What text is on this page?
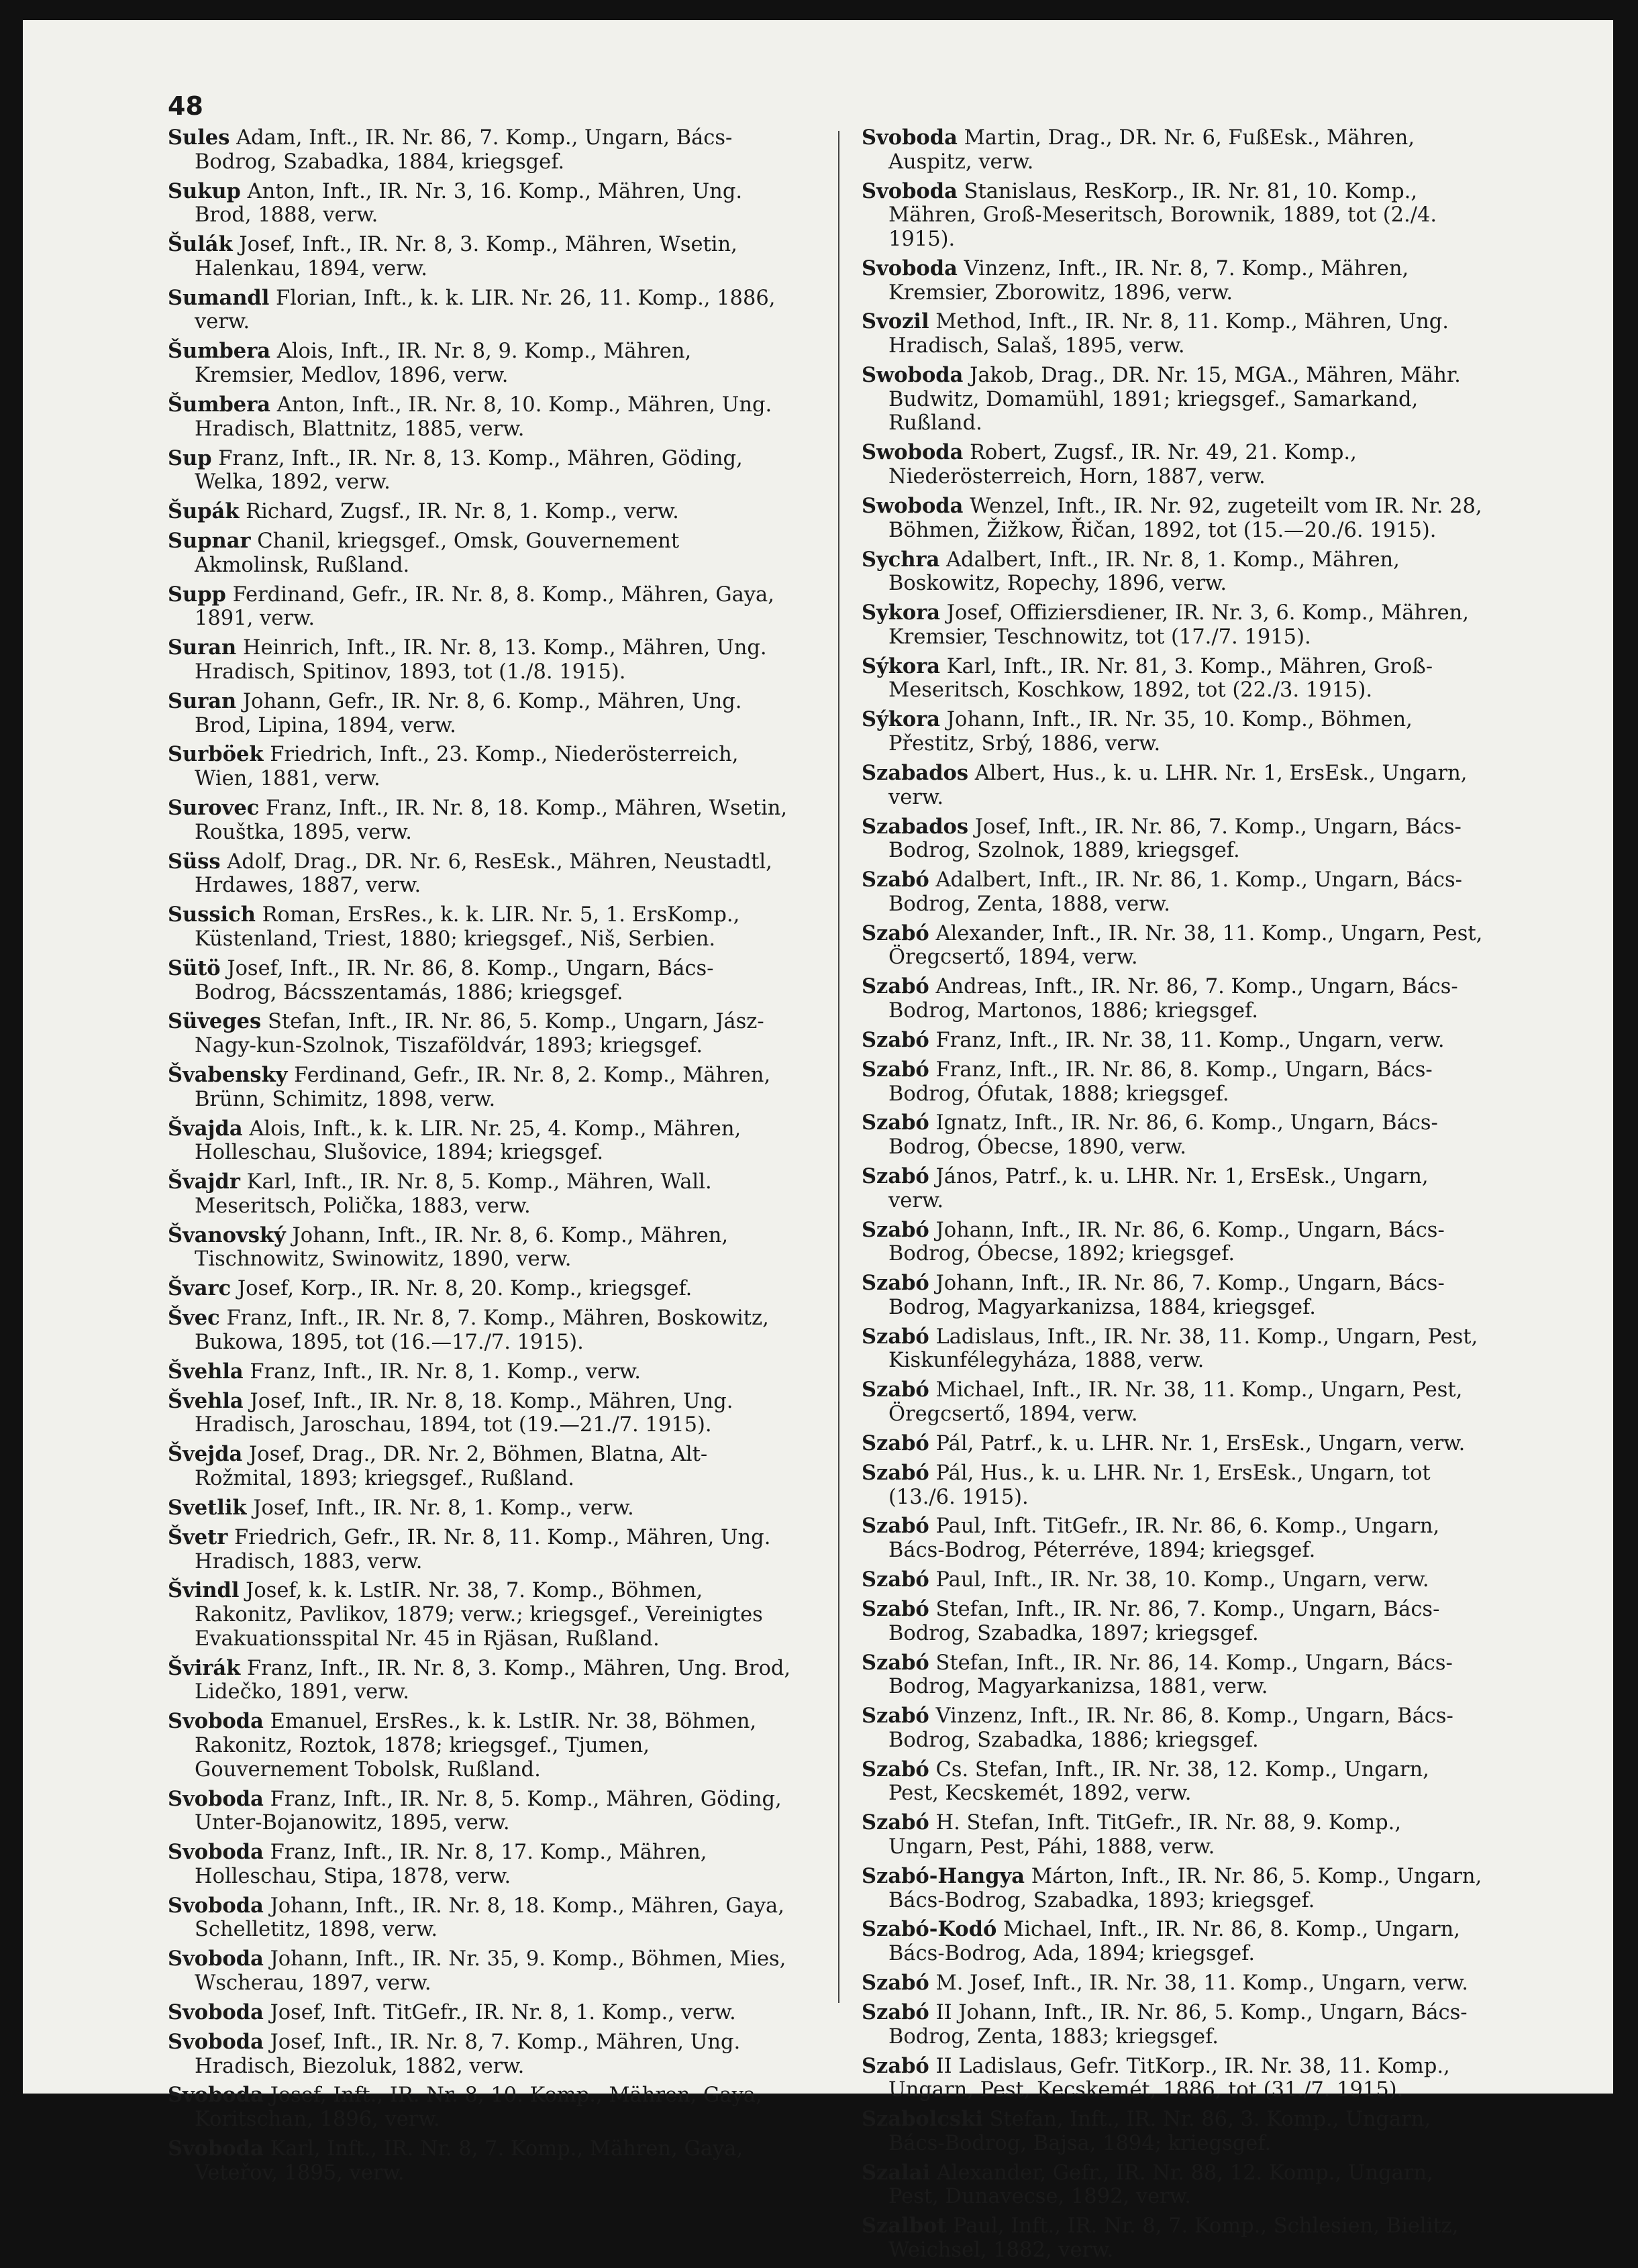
48
Sules Adam, Inft., IR. Nr. 86, 7. Komp., Ungarn, Bács-Bodrog, Szabadka, 1884, kriegsgef.
Sukup Anton, Inft., IR. Nr. 3, 16. Komp., Mähren, Ung. Brod, 1888, verw.
Šulák Josef, Inft., IR. Nr. 8, 3. Komp., Mähren, Wsetin, Halenkau, 1894, verw.
Sumandl Florian, Inft., k. k. LIR. Nr. 26, 11. Komp., 1886, verw.
Šumbera Alois, Inft., IR. Nr. 8, 9. Komp., Mähren, Kremsier, Medlov, 1896, verw.
Šumbera Anton, Inft., IR. Nr. 8, 10. Komp., Mähren, Ung. Hradisch, Blattnitz, 1885, verw.
Sup Franz, Inft., IR. Nr. 8, 13. Komp., Mähren, Göding, Welka, 1892, verw.
Šupák Richard, Zugsf., IR. Nr. 8, 1. Komp., verw.
Supnar Chanil, kriegsgef., Omsk, Gouvernement Akmolinsk, Rußland.
Supp Ferdinand, Gefr., IR. Nr. 8, 8. Komp., Mähren, Gaya, 1891, verw.
Suran Heinrich, Inft., IR. Nr. 8, 13. Komp., Mähren, Ung. Hradisch, Spitinov, 1893, tot (1./8. 1915).
Suran Johann, Gefr., IR. Nr. 8, 6. Komp., Mähren, Ung. Brod, Lipina, 1894, verw.
Surböek Friedrich, Inft., 23. Komp., Niederösterreich, Wien, 1881, verw.
Surovec Franz, Inft., IR. Nr. 8, 18. Komp., Mähren, Wsetin, Rouštka, 1895, verw.
Süss Adolf, Drag., DR. Nr. 6, ResEsk., Mähren, Neustadtl, Hrdawes, 1887, verw.
Sussich Roman, ErsRes., k. k. LIR. Nr. 5, 1. ErsKomp., Küstenland, Triest, 1880; kriegsgef., Niš, Serbien.
Sütö Josef, Inft., IR. Nr. 86, 8. Komp., Ungarn, Bács-Bodrog, Bácsszentamás, 1886; kriegsgef.
Süveges Stefan, Inft., IR. Nr. 86, 5. Komp., Ungarn, Jász-Nagy-kun-Szolnok, Tiszaföldvár, 1893; kriegsgef.
Švabensky Ferdinand, Gefr., IR. Nr. 8, 2. Komp., Mähren, Brünn, Schimitz, 1898, verw.
Švajda Alois, Inft., k. k. LIR. Nr. 25, 4. Komp., Mähren, Holleschau, Slušovice, 1894; kriegsgef.
Švajdr Karl, Inft., IR. Nr. 8, 5. Komp., Mähren, Wall. Meseritsch, Polička, 1883, verw.
Švanovský Johann, Inft., IR. Nr. 8, 6. Komp., Mähren, Tischnowitz, Swinowitz, 1890, verw.
Švarc Josef, Korp., IR. Nr. 8, 20. Komp., kriegsgef.
Švec Franz, Inft., IR. Nr. 8, 7. Komp., Mähren, Boskowitz, Bukowa, 1895, tot (16.—17./7. 1915).
Švehla Franz, Inft., IR. Nr. 8, 1. Komp., verw.
Švehla Josef, Inft., IR. Nr. 8, 18. Komp., Mähren, Ung. Hradisch, Jaroschau, 1894, tot (19.—21./7. 1915).
Švejda Josef, Drag., DR. Nr. 2, Böhmen, Blatna, Alt-Rožmital, 1893; kriegsgef., Rußland.
Svetlik Josef, Inft., IR. Nr. 8, 1. Komp., verw.
Švetr Friedrich, Gefr., IR. Nr. 8, 11. Komp., Mähren, Ung. Hradisch, 1883, verw.
Švindl Josef, k. k. LstIR. Nr. 38, 7. Komp., Böhmen, Rakonitz, Pavlikov, 1879; verw.; kriegsgef., Vereinigtes Evakuationsspital Nr. 45 in Rjäsan, Rußland.
Švirák Franz, Inft., IR. Nr. 8, 3. Komp., Mähren, Ung. Brod, Lidečko, 1891, verw.
Svoboda Emanuel, ErsRes., k. k. LstIR. Nr. 38, Böhmen, Rakonitz, Roztok, 1878; kriegsgef., Tjumen, Gouvernement Tobolsk, Rußland.
Svoboda Franz, Inft., IR. Nr. 8, 5. Komp., Mähren, Göding, Unter-Bojanowitz, 1895, verw.
Svoboda Franz, Inft., IR. Nr. 8, 17. Komp., Mähren, Holleschau, Stipa, 1878, verw.
Svoboda Johann, Inft., IR. Nr. 8, 18. Komp., Mähren, Gaya, Schelletitz, 1898, verw.
Svoboda Johann, Inft., IR. Nr. 35, 9. Komp., Böhmen, Mies, Wscherau, 1897, verw.
Svoboda Josef, Inft. TitGefr., IR. Nr. 8, 1. Komp., verw.
Svoboda Josef, Inft., IR. Nr. 8, 7. Komp., Mähren, Ung. Hradisch, Biezoluk, 1882, verw.
Svoboda Josef, Inft., IR. Nr. 8, 10. Komp., Mähren, Gaya, Koritschan, 1896, verw.
Svoboda Karl, Inft., IR. Nr. 8, 7. Komp., Mähren, Gaya, Veteřov, 1895, verw.
Svoboda Martin, Drag., DR. Nr. 6, FußEsk., Mähren, Auspitz, verw.
Svoboda Stanislaus, ResKorp., IR. Nr. 81, 10. Komp., Mähren, Groß-Meseritsch, Borownik, 1889, tot (2./4. 1915).
Svoboda Vinzenz, Inft., IR. Nr. 8, 7. Komp., Mähren, Kremsier, Zborowitz, 1896, verw.
Svozil Method, Inft., IR. Nr. 8, 11. Komp., Mähren, Ung. Hradisch, Salaš, 1895, verw.
Swoboda Jakob, Drag., DR. Nr. 15, MGA., Mähren, Mähr. Budwitz, Domamühl, 1891; kriegsgef., Samarkand, Rußland.
Swoboda Robert, Zugsf., IR. Nr. 49, 21. Komp., Niederösterreich, Horn, 1887, verw.
Swoboda Wenzel, Inft., IR. Nr. 92, zugeteilt vom IR. Nr. 28, Böhmen, Žižkow, Řičan, 1892, tot (15.—20./6. 1915).
Sychra Adalbert, Inft., IR. Nr. 8, 1. Komp., Mähren, Boskowitz, Ropechy, 1896, verw.
Sykora Josef, Offiziersdiener, IR. Nr. 3, 6. Komp., Mähren, Kremsier, Teschnowitz, tot (17./7. 1915).
Sýkora Karl, Inft., IR. Nr. 81, 3. Komp., Mähren, Groß-Meseritsch, Koschkow, 1892, tot (22./3. 1915).
Sýkora Johann, Inft., IR. Nr. 35, 10. Komp., Böhmen, Přestitz, Srbý, 1886, verw.
Szabados Albert, Hus., k. u. LHR. Nr. 1, ErsEsk., Ungarn, verw.
Szabados Josef, Inft., IR. Nr. 86, 7. Komp., Ungarn, Bács-Bodrog, Szolnok, 1889, kriegsgef.
Szabó Adalbert, Inft., IR. Nr. 86, 1. Komp., Ungarn, Bács-Bodrog, Zenta, 1888, verw.
Szabó Alexander, Inft., IR. Nr. 38, 11. Komp., Ungarn, Pest, Öregcsertő, 1894, verw.
Szabó Andreas, Inft., IR. Nr. 86, 7. Komp., Ungarn, Bács-Bodrog, Martonos, 1886; kriegsgef.
Szabó Franz, Inft., IR. Nr. 38, 11. Komp., Ungarn, verw.
Szabó Franz, Inft., IR. Nr. 86, 8. Komp., Ungarn, Bács-Bodrog, Ófutak, 1888; kriegsgef.
Szabó Ignatz, Inft., IR. Nr. 86, 6. Komp., Ungarn, Bács-Bodrog, Óbecse, 1890, verw.
Szabó János, Patrf., k. u. LHR. Nr. 1, ErsEsk., Ungarn, verw.
Szabó Johann, Inft., IR. Nr. 86, 6. Komp., Ungarn, Bács-Bodrog, Óbecse, 1892; kriegsgef.
Szabó Johann, Inft., IR. Nr. 86, 7. Komp., Ungarn, Bács-Bodrog, Magyarkanizsa, 1884, kriegsgef.
Szabó Ladislaus, Inft., IR. Nr. 38, 11. Komp., Ungarn, Pest, Kiskunfélegyháza, 1888, verw.
Szabó Michael, Inft., IR. Nr. 38, 11. Komp., Ungarn, Pest, Öregcsertő, 1894, verw.
Szabó Pál, Patrf., k. u. LHR. Nr. 1, ErsEsk., Ungarn, verw.
Szabó Pál, Hus., k. u. LHR. Nr. 1, ErsEsk., Ungarn, tot (13./6. 1915).
Szabó Paul, Inft. TitGefr., IR. Nr. 86, 6. Komp., Ungarn, Bács-Bodrog, Péterréve, 1894; kriegsgef.
Szabó Paul, Inft., IR. Nr. 38, 10. Komp., Ungarn, verw.
Szabó Stefan, Inft., IR. Nr. 86, 7. Komp., Ungarn, Bács-Bodrog, Szabadka, 1897; kriegsgef.
Szabó Stefan, Inft., IR. Nr. 86, 14. Komp., Ungarn, Bács-Bodrog, Magyarkanizsa, 1881, verw.
Szabó Vinzenz, Inft., IR. Nr. 86, 8. Komp., Ungarn, Bács-Bodrog, Szabadka, 1886; kriegsgef.
Szabó Cs. Stefan, Inft., IR. Nr. 38, 12. Komp., Ungarn, Pest, Kecskemét, 1892, verw.
Szabó H. Stefan, Inft. TitGefr., IR. Nr. 88, 9. Komp., Ungarn, Pest, Páhi, 1888, verw.
Szabó-Hangya Márton, Inft., IR. Nr. 86, 5. Komp., Ungarn, Bács-Bodrog, Szabadka, 1893; kriegsgef.
Szabó-Kodó Michael, Inft., IR. Nr. 86, 8. Komp., Ungarn, Bács-Bodrog, Ada, 1894; kriegsgef.
Szabó M. Josef, Inft., IR. Nr. 38, 11. Komp., Ungarn, verw.
Szabó II Johann, Inft., IR. Nr. 86, 5. Komp., Ungarn, Bács-Bodrog, Zenta, 1883; kriegsgef.
Szabó II Ladislaus, Gefr. TitKorp., IR. Nr. 38, 11. Komp., Ungarn, Pest, Kecskemét, 1886, tot (31./7. 1915).
Szabolcski Stefan, Inft., IR. Nr. 86, 3. Komp., Ungarn, Bács-Bodrog, Bajsa, 1894; kriegsgef.
Szalai Alexander, Gefr., IR. Nr. 88, 12. Komp., Ungarn, Pest, Dunavecse, 1892, verw.
Szalbot Paul, Inft., IR. Nr. 8, 7. Komp., Schlesien, Bielitz, Weichsel, 1882, verw.
